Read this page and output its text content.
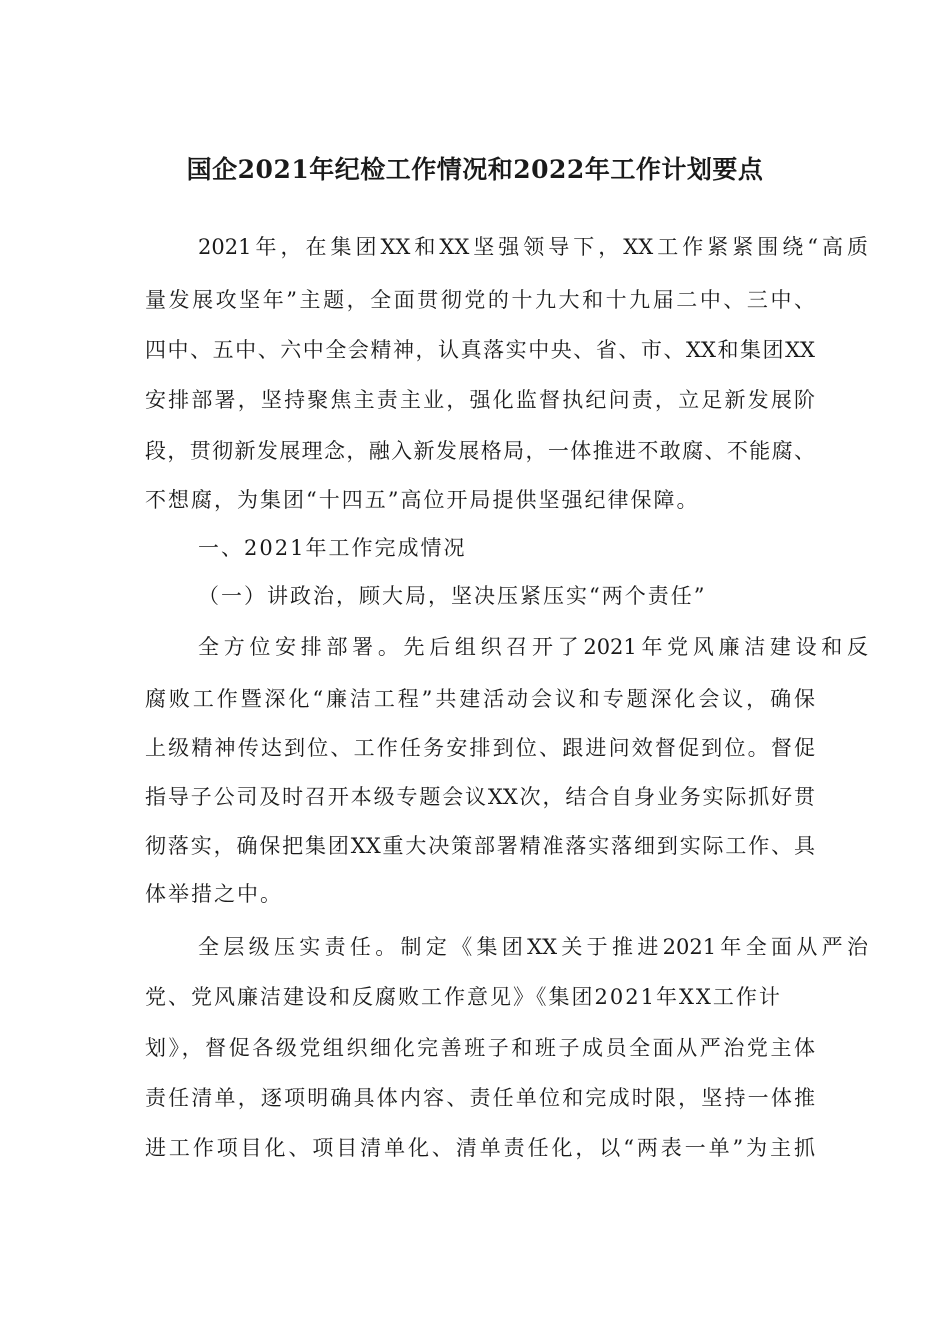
国企2021年纪检工作情况和2022年工作计划要点
2021年，在集团XX和XX坚强领导下，XX工作紧紧围绕“高质
量发展攻坚年”主题，全面贯彻党的十九大和十九届二中、三中、
四中、五中、六中全会精神，认真落实中央、省、市、XX和集团XX
安排部署，坚持聚焦主责主业，强化监督执纪问责，立足新发展阶
段，贯彻新发展理念，融入新发展格局，一体推进不敢腐、不能腐、
不想腐，为集团“十四五”高位开局提供坚强纪律保障。
一、2021年工作完成情况
（一）讲政治，顾大局，坚决压紧压实“两个责任”
全方位安排部署。先后组织召开了2021年党风廉洁建设和反
腐败工作暨深化“廉洁工程”共建活动会议和专题深化会议，确保
上级精神传达到位、工作任务安排到位、跟进问效督促到位。督促
指导子公司及时召开本级专题会议XX次，结合自身业务实际抓好贯
彻落实，确保把集团XX重大决策部署精准落实落细到实际工作、具
体举措之中。
全层级压实责任。制定《集团XX关于推进2021年全面从严治
党、党风廉洁建设和反腐败工作意见》《集团2021年XX工作计
划》，督促各级党组织细化完善班子和班子成员全面从严治党主体
责任清单，逐项明确具体内容、责任单位和完成时限，坚持一体推
进工作项目化、项目清单化、清单责任化，以“两表一单”为主抓
